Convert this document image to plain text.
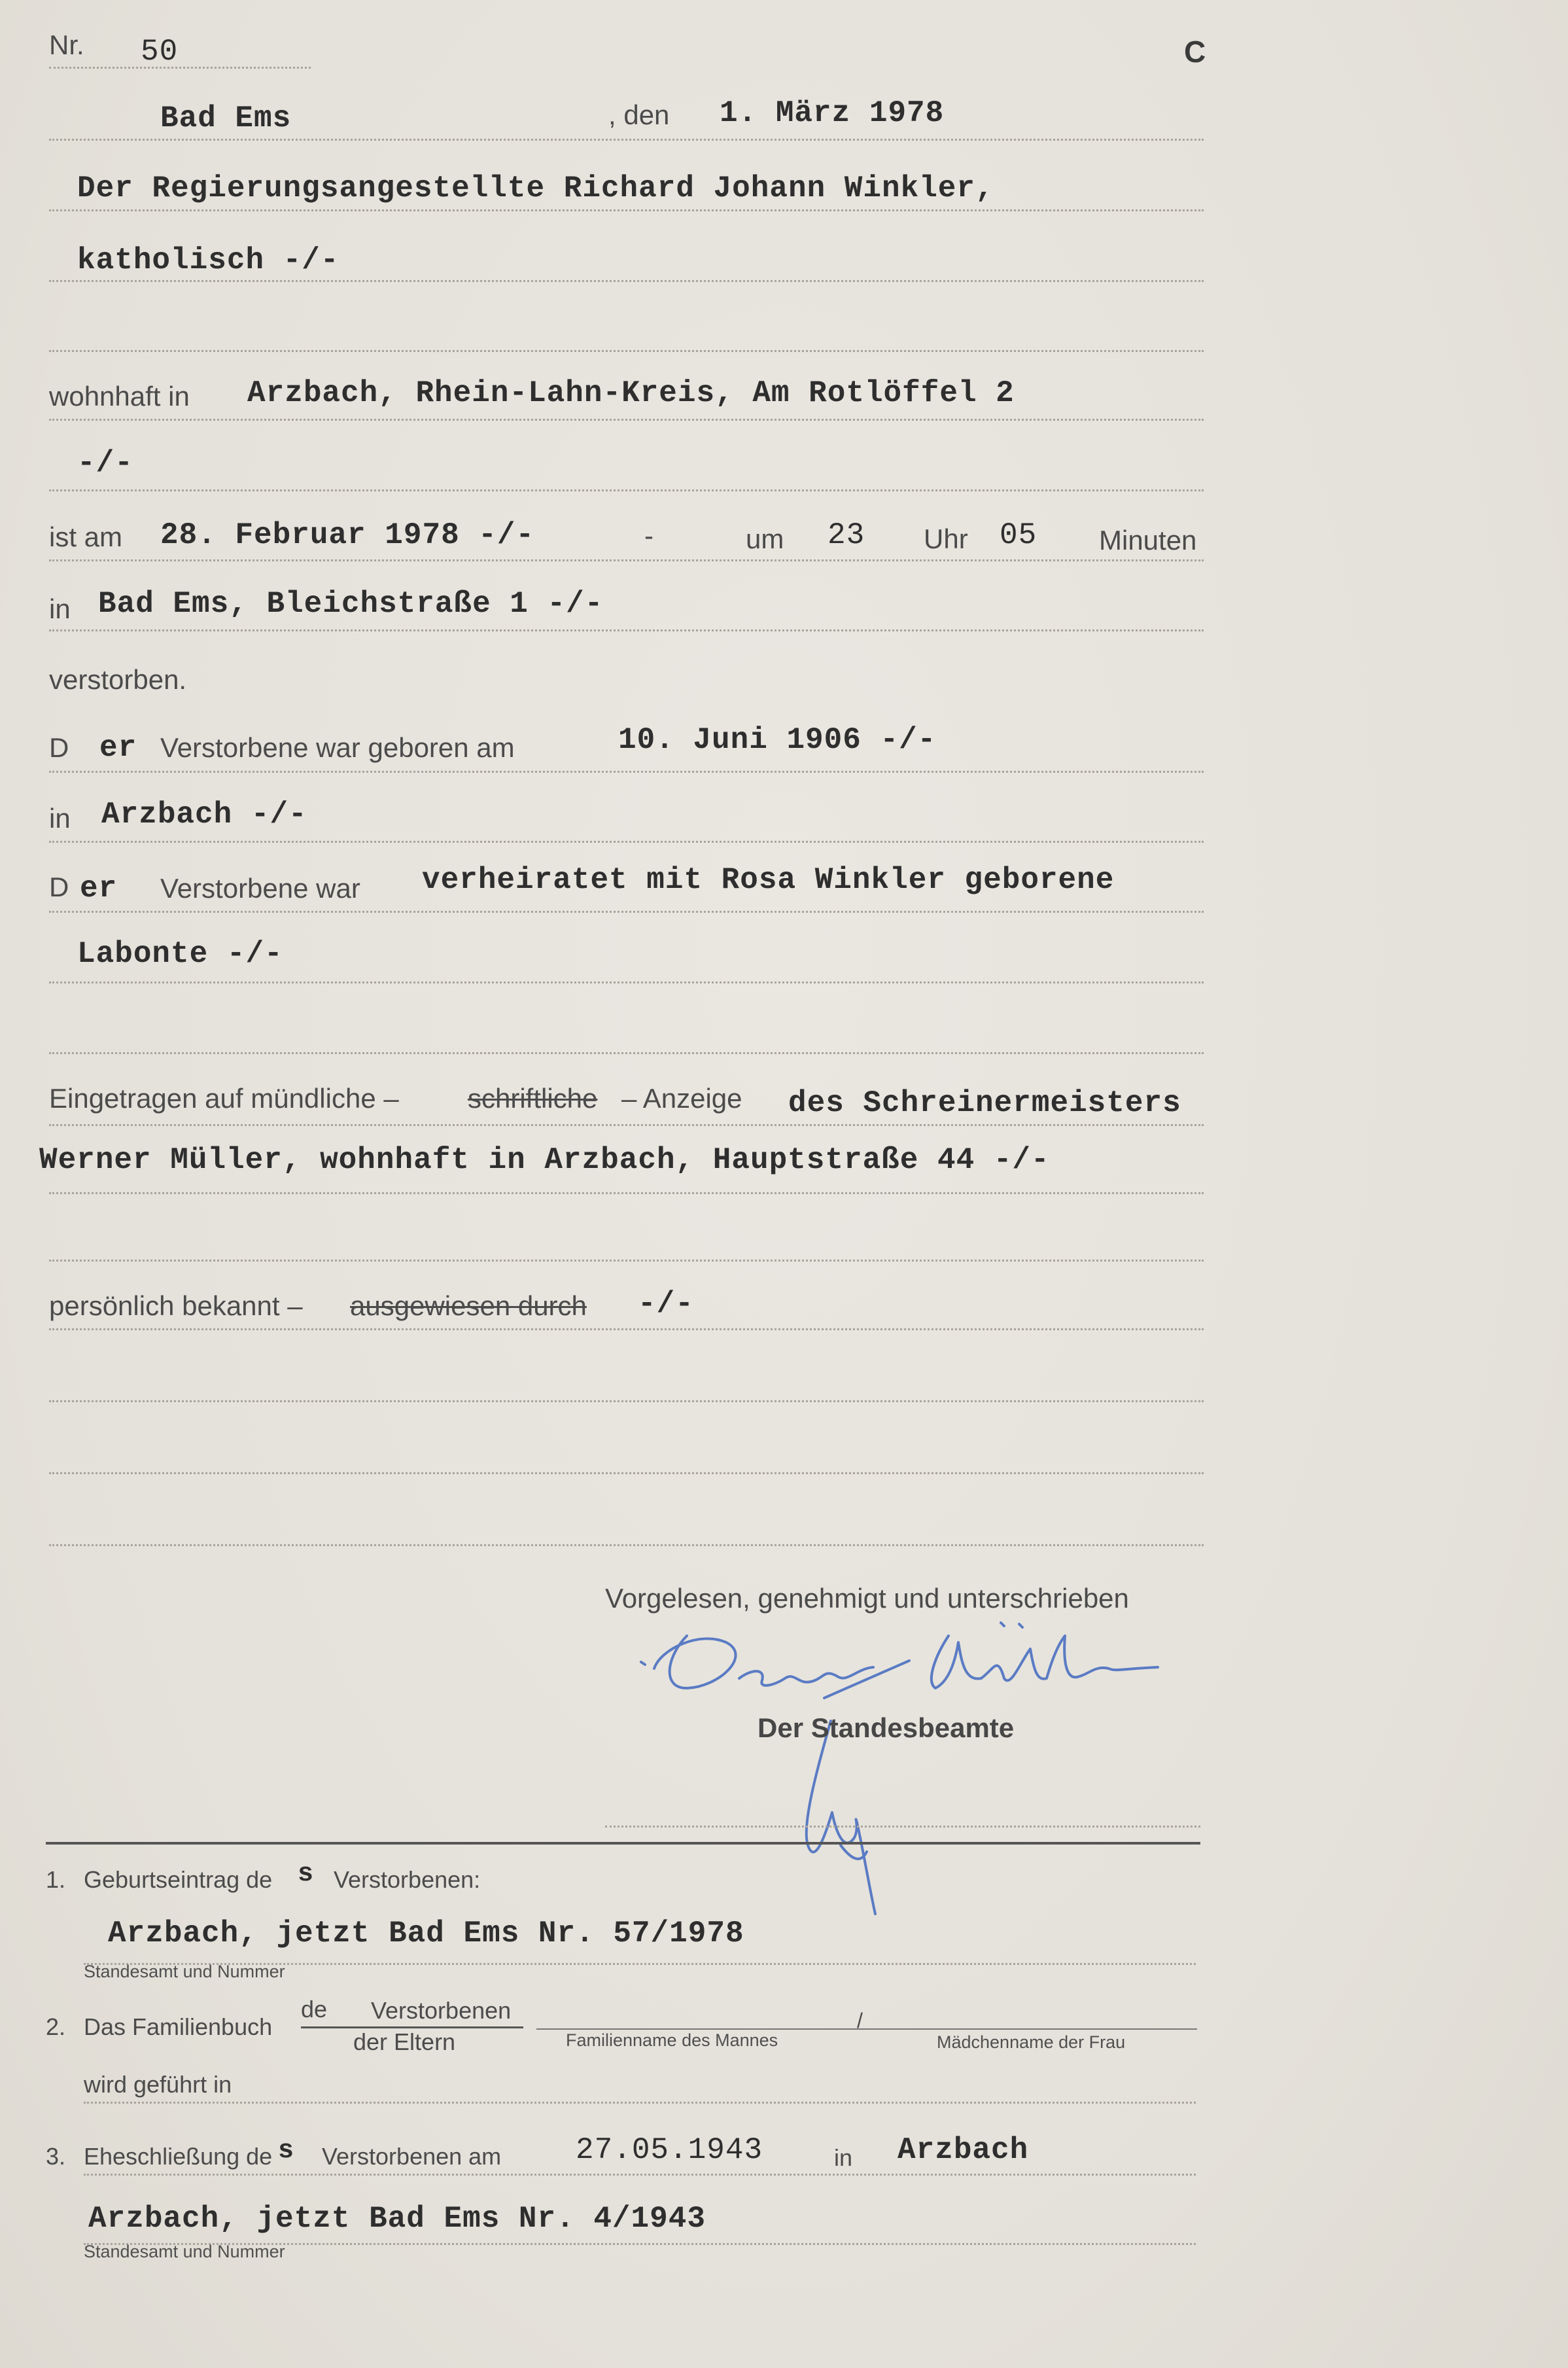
Nr. 50	C
Bad Ems	, den 1. März 1978
Der Regierungsangestellte Richard Johann Winkler,
katholisch -/-
wohnhaft in Arzbach, Rhein-Lahn-Kreis, Am Rotlöffel 2
-/-
ist am 28. Februar 1978 -/-	-	um 23 Uhr 05 Minuten
in Bad Ems, Bleichstraße 1 -/-
verstorben.
D er Verstorbene war geboren am	10. Juni 1906 -/-
in Arzbach -/-
D er Verstorbene war verheiratet mit Rosa Winkler geborene
Labonte -/-
Eingetragen auf mündliche –	schriftliche – Anzeige des Schreinermeisters
Werner Müller, wohnhaft in Arzbach, Hauptstraße 44 -/-
persönlich bekannt – ausgewiesen durch -/-
Vorgelesen, genehmigt und unterschrieben
Der Standesbeamte
1. Geburtseintrag de s Verstorbenen:
Arzbach, jetzt Bad Ems Nr. 57/1978
Standesamt und Nummer
2. Das Familienbuch
de Verstorbenen
der Eltern	Familienname des Mannes
/
Mädchenname der Frau
wird geführt in
3. Eheschließung de s Verstorbenen am 27.05.1943	in Arzbach
Arzbach, jetzt Bad Ems Nr. 4/1943
Standesamt und Nummer
